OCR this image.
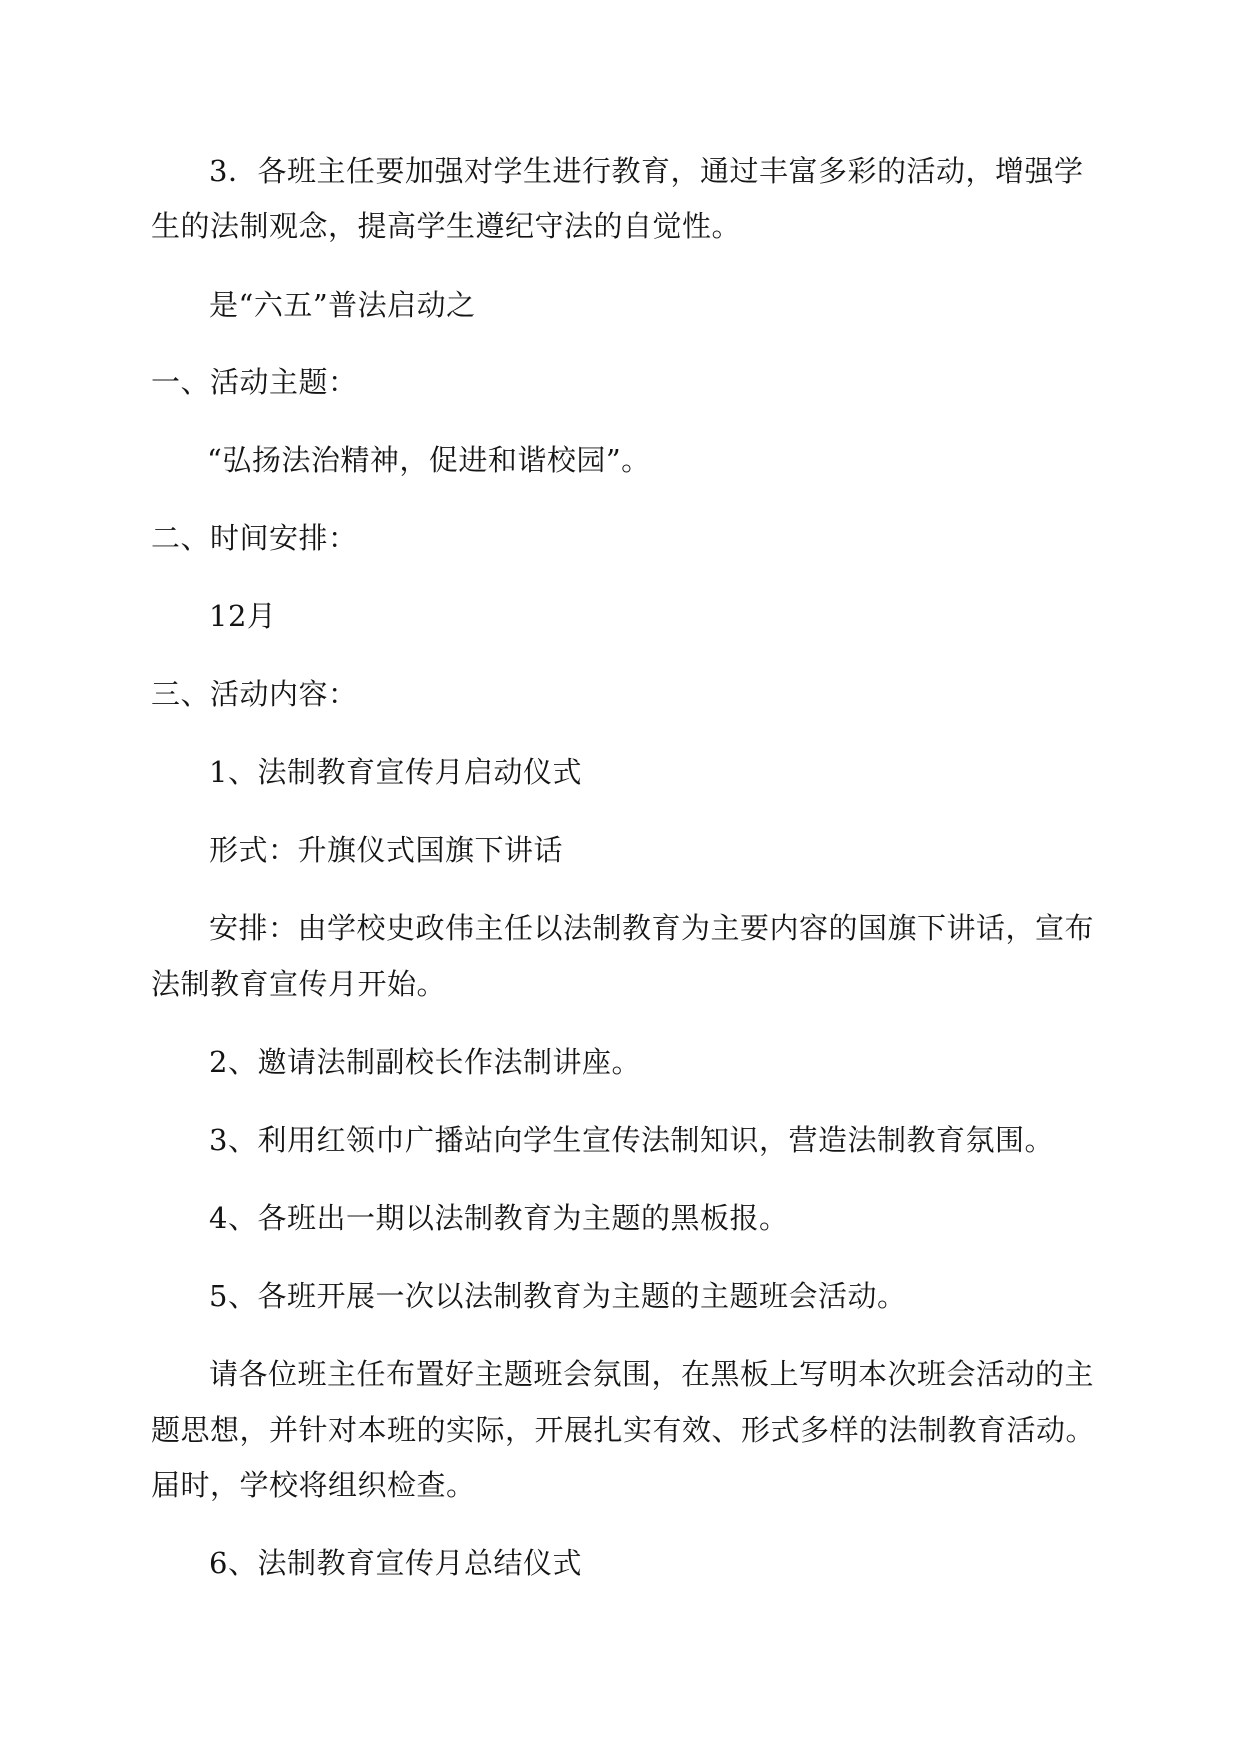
3．各班主任要加强对学生进行教育，通过丰富多彩的活动，增强学

生的法制观念，提高学生遵纪守法的自觉性。

是“六五”普法启动之

一、活动主题：

“弘扬法治精神，促进和谐校园”。

二、时间安排：

12月

三、活动内容：

1、法制教育宣传月启动仪式

形式：升旗仪式国旗下讲话

安排：由学校史政伟主任以法制教育为主要内容的国旗下讲话，宣布

法制教育宣传月开始。

2、邀请法制副校长作法制讲座。

3、利用红领巾广播站向学生宣传法制知识，营造法制教育氛围。

4、各班出一期以法制教育为主题的黑板报。

5、各班开展一次以法制教育为主题的主题班会活动。

请各位班主任布置好主题班会氛围，在黑板上写明本次班会活动的主

题思想，并针对本班的实际，开展扎实有效、形式多样的法制教育活动。

届时，学校将组织检查。

6、法制教育宣传月总结仪式
